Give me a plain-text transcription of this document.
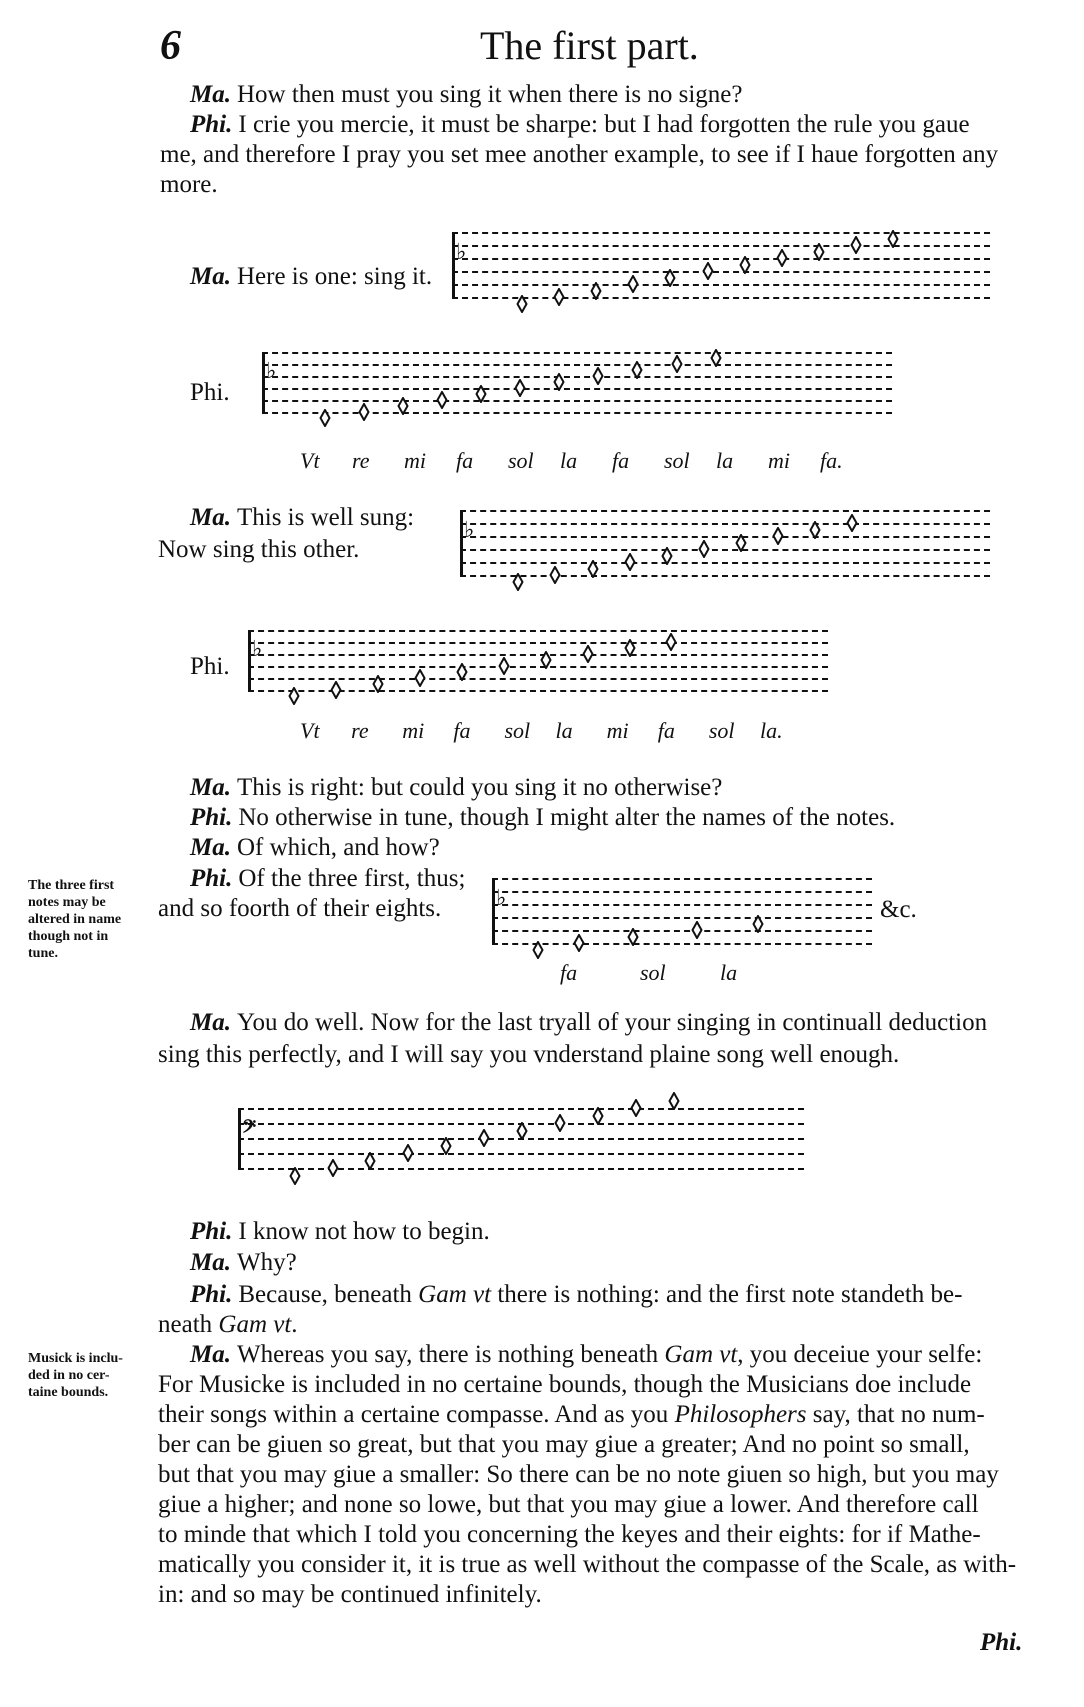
6	The first part.
Ma. How then must you sing it when there is no signe?
Phi. I crie you mercie, it must be sharpe: but I had forgotten the rule you gaue
me, and therefore I pray you set mee another example, to see if I haue forgotten any
more.
Ma. Here is one: sing it.
♭
Phi.
♭
Vt re mi fa sol la fa sol la mi fa.
Ma. This is well sung:
Now sing this other.
♭
Phi.
♭
Vt re mi fa sol la mi fa sol la.
Ma. This is right: but could you sing it no otherwise?
Phi. No otherwise in tune, though I might alter the names of the notes.
Ma. Of which, and how?
Phi. Of the three first, thus;
and so foorth of their eights.
The three first
notes may be
altered in name
though not in
tune.
♭	&c.
fa	sol la
Ma. You do well. Now for the last tryall of your singing in continuall deduction
sing this perfectly, and I will say you vnderstand plaine song well enough.
𝄢
Phi. I know not how to begin.
Ma. Why?
Phi. Because, beneath Gam vt there is nothing: and the first note standeth be-
neath Gam vt.
Musick is inclu-
ded in no cer-
taine bounds.
Ma. Whereas you say, there is nothing beneath Gam vt, you deceiue your selfe:
For Musicke is included in no certaine bounds, though the Musicians doe include
their songs within a certaine compasse. And as you Philosophers say, that no num-
ber can be giuen so great, but that you may giue a greater; And no point so small,
but that you may giue a smaller: So there can be no note giuen so high, but you may
giue a higher; and none so lowe, but that you may giue a lower. And therefore call
to minde that which I told you concerning the keyes and their eights: for if Mathe-
matically you consider it, it is true as well without the compasse of the Scale, as with-
in: and so may be continued infinitely.
Phi.
